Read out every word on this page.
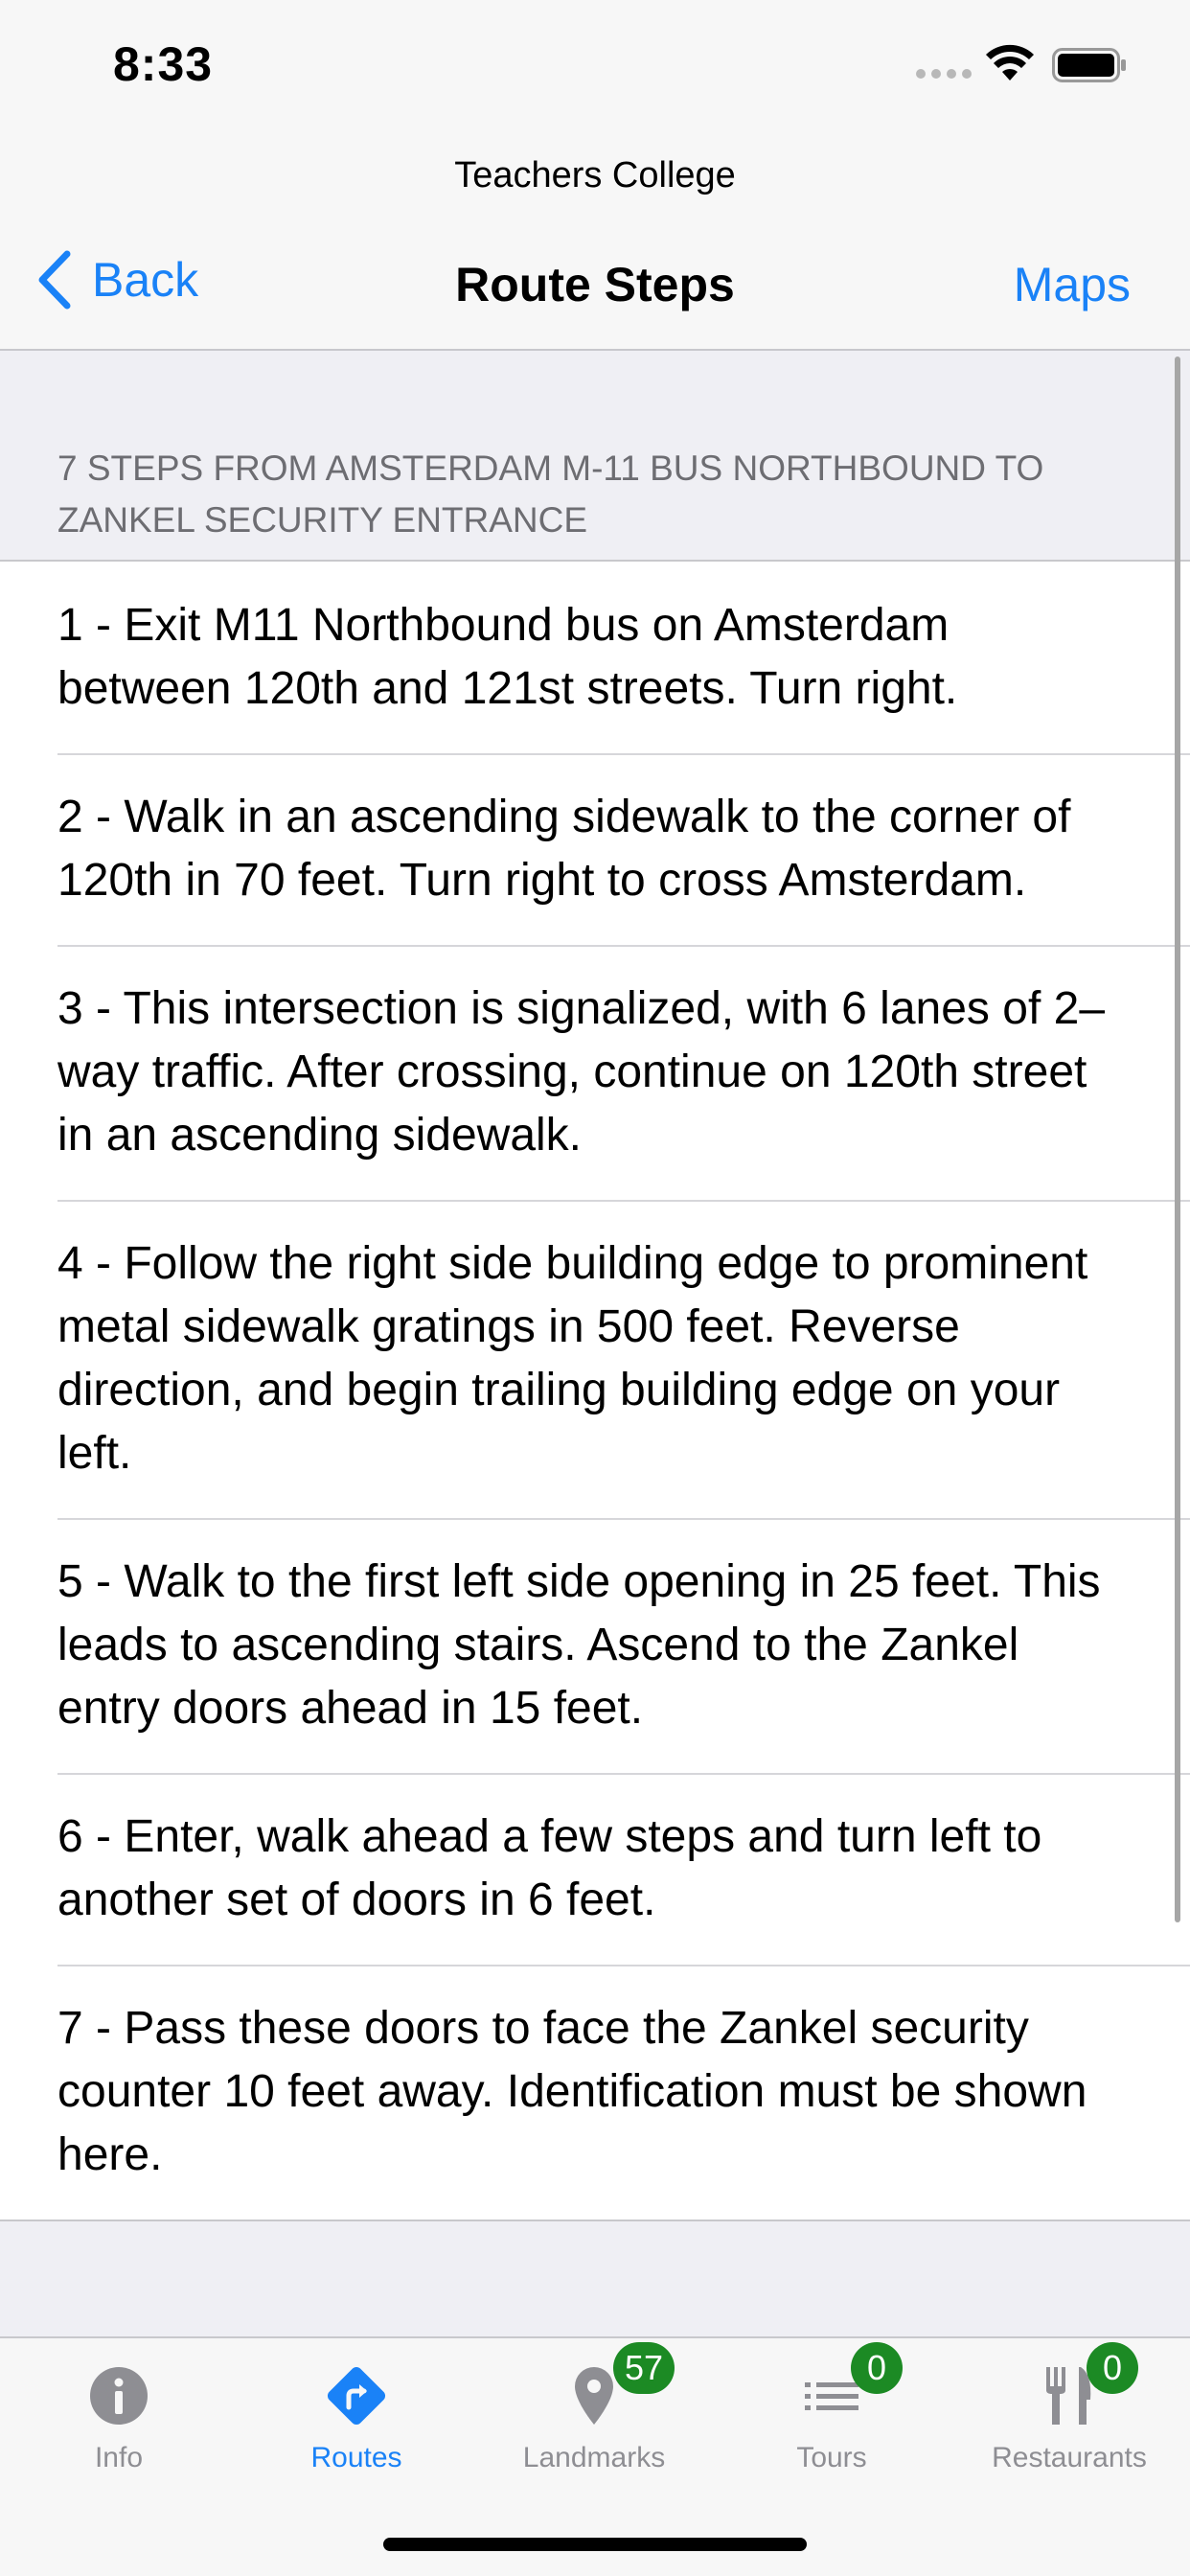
8:33
Teachers College
Back	Route Steps	Maps
7 STEPS FROM AMSTERDAM M-11 BUS NORTHBOUND TO ZANKEL SECURITY ENTRANCE
1 - Exit M11 Northbound bus on Amsterdam between 120th and 121st streets. Turn right.
2 - Walk in an ascending sidewalk to the corner of 120th in 70 feet. Turn right to cross Amsterdam.
3 - This intersection is signalized, with 6 lanes of 2–way traffic. After crossing, continue on 120th street in an ascending sidewalk.
4 - Follow the right side building edge to prominent metal sidewalk gratings in 500 feet. Reverse direction, and begin trailing building edge on your left.
5 - Walk to the first left side opening in 25 feet. This leads to ascending stairs. Ascend to the Zankel entry doors ahead in 15 feet.
6 - Enter, walk ahead a few steps and turn left to another set of doors in 6 feet.
7 - Pass these doors to face the Zankel security counter 10 feet away. Identification must be shown here.
Info	Routes
57
Landmarks
0
Tours
0
Restaurants
